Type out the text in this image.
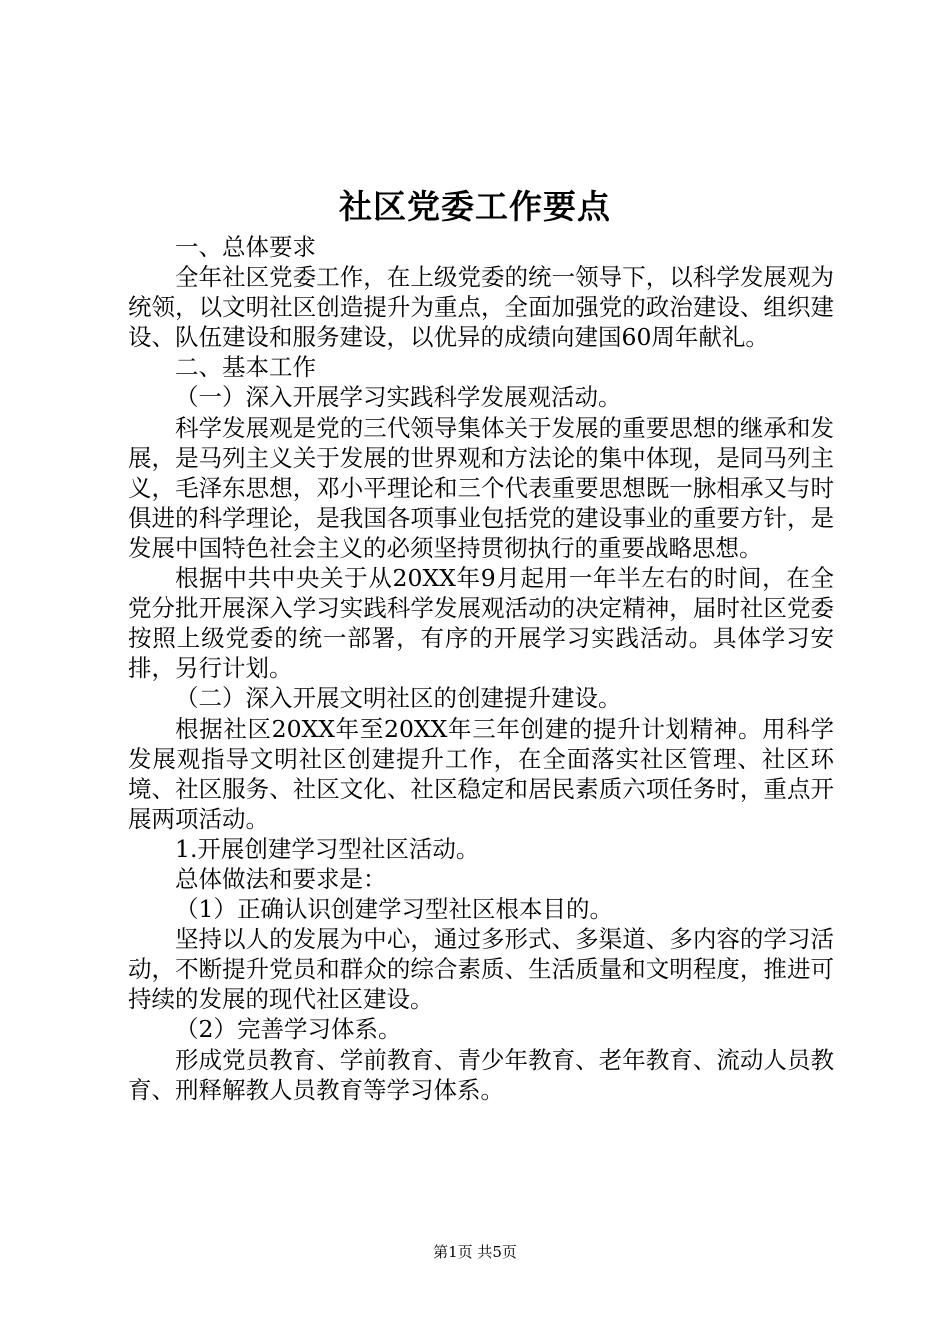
社区党委工作要点

一、总体要求

全年社区党委工作，在上级党委的统一领导下，以科学发展观为统领，以文明社区创造提升为重点，全面加强党的政治建设、组织建设、队伍建设和服务建设，以优异的成绩向建国60周年献礼。

二、基本工作

（一）深入开展学习实践科学发展观活动。

科学发展观是党的三代领导集体关于发展的重要思想的继承和发展，是马列主义关于发展的世界观和方法论的集中体现，是同马列主义，毛泽东思想，邓小平理论和三个代表重要思想既一脉相承又与时俱进的科学理论，是我国各项事业包括党的建设事业的重要方针，是发展中国特色社会主义的必须坚持贯彻执行的重要战略思想。

根据中共中央关于从20XX年9月起用一年半左右的时间，在全党分批开展深入学习实践科学发展观活动的决定精神，届时社区党委按照上级党委的统一部署，有序的开展学习实践活动。具体学习安排，另行计划。

（二）深入开展文明社区的创建提升建设。

根据社区20XX年至20XX年三年创建的提升计划精神。用科学发展观指导文明社区创建提升工作，在全面落实社区管理、社区环境、社区服务、社区文化、社区稳定和居民素质六项任务时，重点开展两项活动。

1.开展创建学习型社区活动。

总体做法和要求是：

（1）正确认识创建学习型社区根本目的。

坚持以人的发展为中心，通过多形式、多渠道、多内容的学习活动，不断提升党员和群众的综合素质、生活质量和文明程度，推进可持续的发展的现代社区建设。

（2）完善学习体系。

形成党员教育、学前教育、青少年教育、老年教育、流动人员教育、刑释解教人员教育等学习体系。

第1页 共5页
